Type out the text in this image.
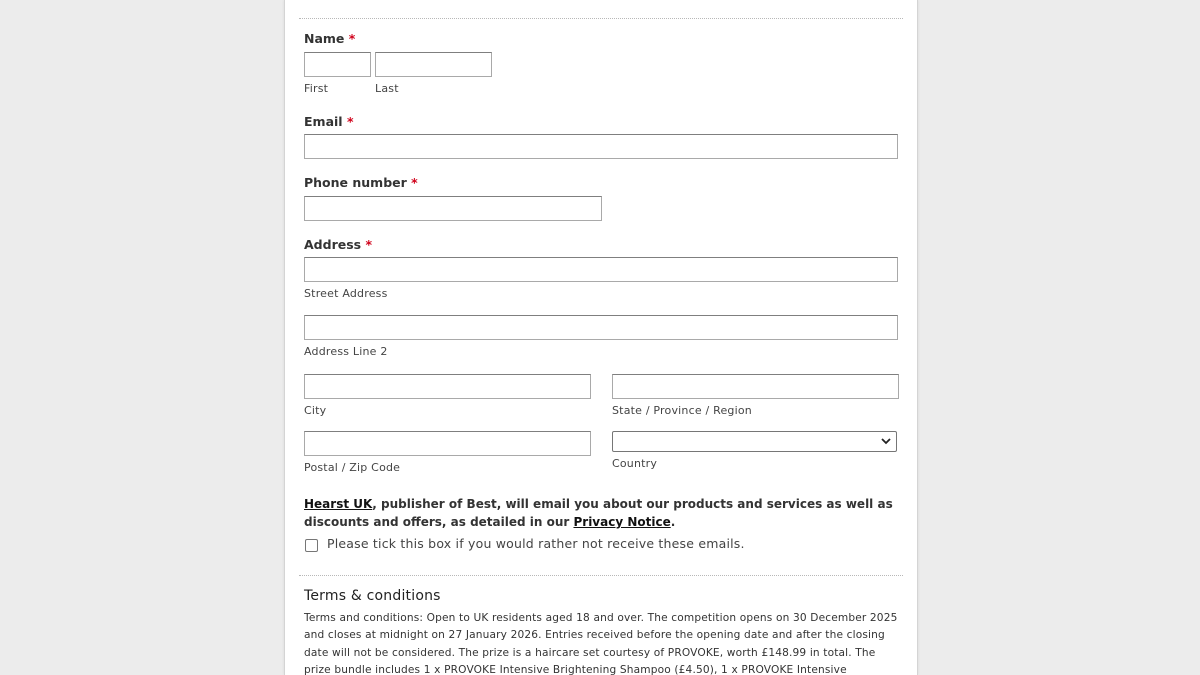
Name *
First	Last
Email *
Phone number *
Address *
Street Address
Address Line 2
City	State / Province / Region
Postal / Zip Code	Country
Hearst UK, publisher of Best, will email you about our products and services as well as discounts and offers, as detailed in our Privacy Notice.
Please tick this box if you would rather not receive these emails.
Terms & conditions
Terms and conditions: Open to UK residents aged 18 and over. The competition opens on 30 December 2025 and closes at midnight on 27 January 2026. Entries received before the opening date and after the closing date will not be considered. The prize is a haircare set courtesy of PROVOKE, worth £148.99 in total. The prize bundle includes 1 x PROVOKE Intensive Brightening Shampoo (£4.50), 1 x PROVOKE Intensive
